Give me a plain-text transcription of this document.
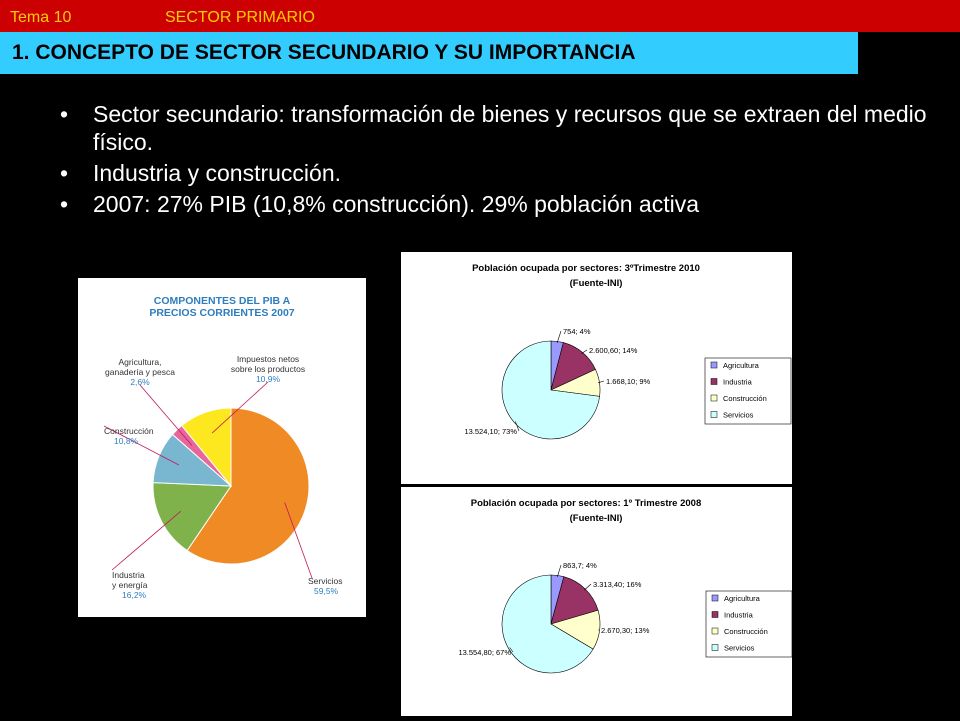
Tema 10	SECTOR PRIMARIO
1. CONCEPTO DE SECTOR SECUNDARIO Y SU IMPORTANCIA
• Sector secundario: transformación de bienes y recursos que se extraen del medio físico.
• Industria y construcción.
• 2007: 27% PIB (10,8% construcción). 29% población activa
COMPONENTES DEL PIB A
PRECIOS CORRIENTES 2007
Servicios
59,5%
Industria
y energía
16,2%
Construcción
10,8%
Agricultura,
ganadería y pesca
2,6%
Impuestos netos
sobre los productos
10,9%
Población ocupada por sectores: 3ºTrimestre 2010
(Fuente-INI)
754; 4%
2.600,60; 14%
1.668,10; 9%
13.524,10; 73%
Agricultura
Industria
Construcción
Servicios
Población ocupada por sectores: 1º Trimestre 2008
(Fuente-INI)
863,7; 4%
3.313,40; 16%
2.670,30; 13%
13.554,80; 67%
Agricultura
Industria
Construcción
Servicios
